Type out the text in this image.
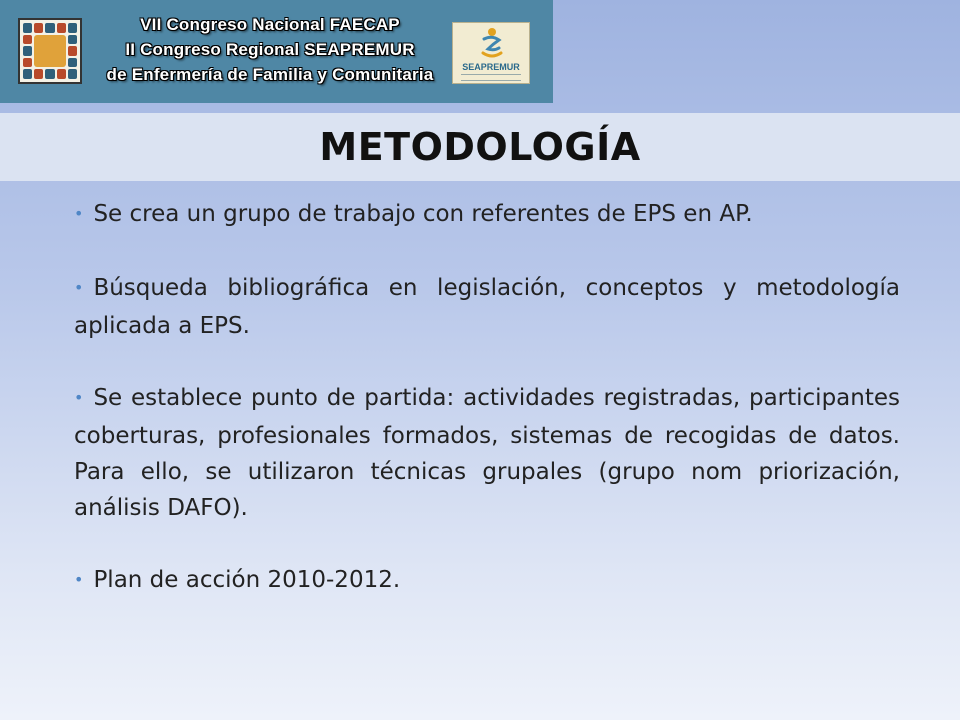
VII Congreso Nacional FAECAP
II Congreso Regional SEAPREMUR
de Enfermería de Familia y Comunitaria	SEAPREMUR
METODOLOGÍA
• Se crea un grupo de trabajo con referentes de EPS en AP.
• Búsqueda bibliográfica en legislación, conceptos y metodología aplicada a EPS.
• Se establece punto de partida: actividades registradas, participantes coberturas, profesionales formados, sistemas de recogidas de datos. Para ello, se utilizaron técnicas grupales (grupo nom priorización, análisis DAFO).
• Plan de acción 2010-2012.
